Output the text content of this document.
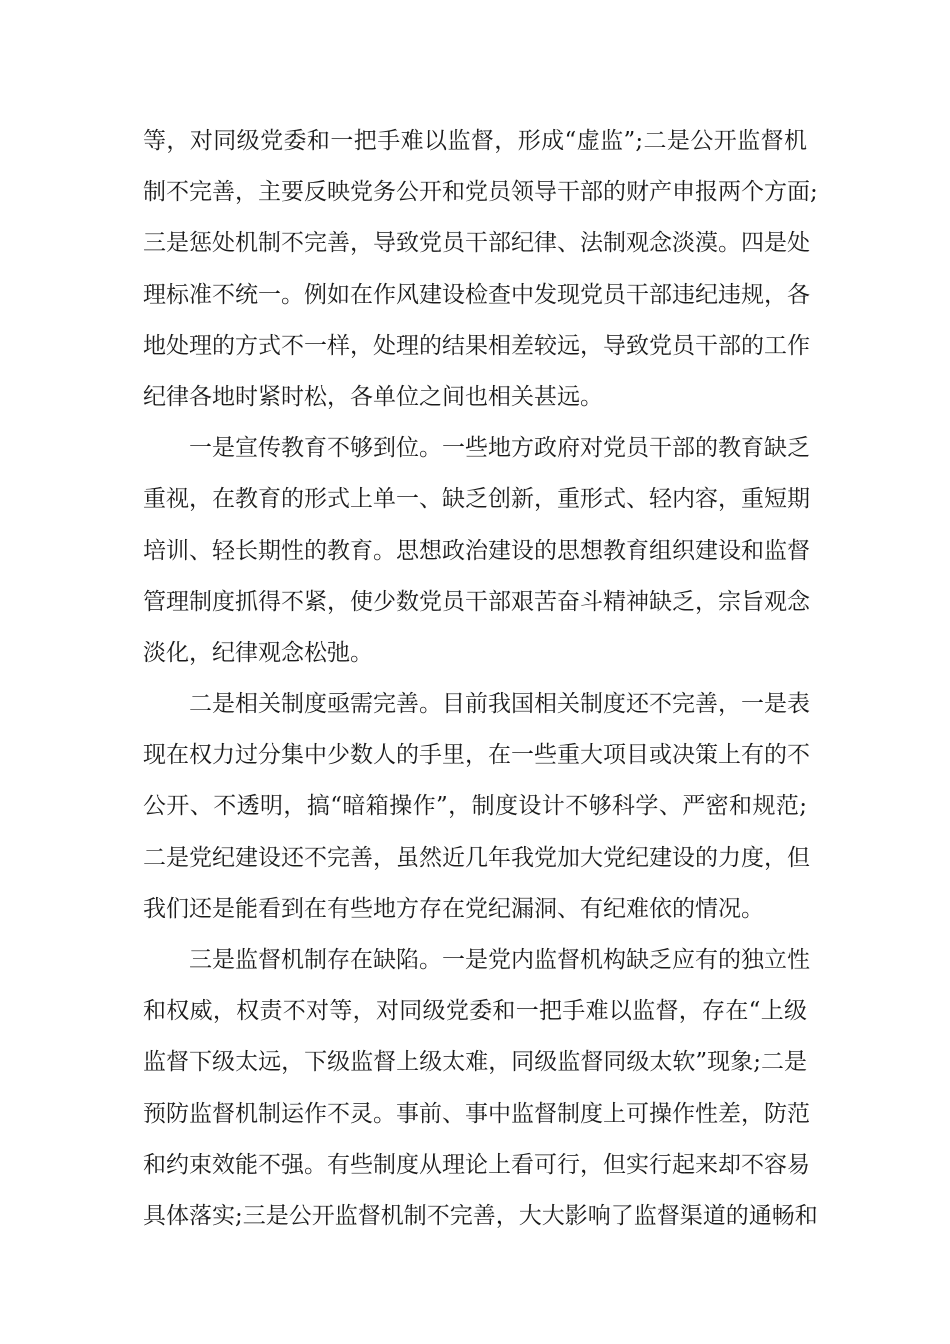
等，对同级党委和一把手难以监督，形成“虚监”;二是公开监督机
制不完善，主要反映党务公开和党员领导干部的财产申报两个方面;
三是惩处机制不完善，导致党员干部纪律、法制观念淡漠。四是处
理标准不统一。例如在作风建设检查中发现党员干部违纪违规，各
地处理的方式不一样，处理的结果相差较远，导致党员干部的工作
纪律各地时紧时松，各单位之间也相关甚远。
一是宣传教育不够到位。一些地方政府对党员干部的教育缺乏
重视，在教育的形式上单一、缺乏创新，重形式、轻内容，重短期
培训、轻长期性的教育。思想政治建设的思想教育组织建设和监督
管理制度抓得不紧，使少数党员干部艰苦奋斗精神缺乏，宗旨观念
淡化，纪律观念松弛。
二是相关制度亟需完善。目前我国相关制度还不完善，一是表
现在权力过分集中少数人的手里，在一些重大项目或决策上有的不
公开、不透明，搞“暗箱操作”，制度设计不够科学、严密和规范;
二是党纪建设还不完善，虽然近几年我党加大党纪建设的力度，但
我们还是能看到在有些地方存在党纪漏洞、有纪难依的情况。
三是监督机制存在缺陷。一是党内监督机构缺乏应有的独立性
和权威，权责不对等，对同级党委和一把手难以监督，存在“上级
监督下级太远，下级监督上级太难，同级监督同级太软”现象;二是
预防监督机制运作不灵。事前、事中监督制度上可操作性差，防范
和约束效能不强。有些制度从理论上看可行，但实行起来却不容易
具体落实;三是公开监督机制不完善，大大影响了监督渠道的通畅和
